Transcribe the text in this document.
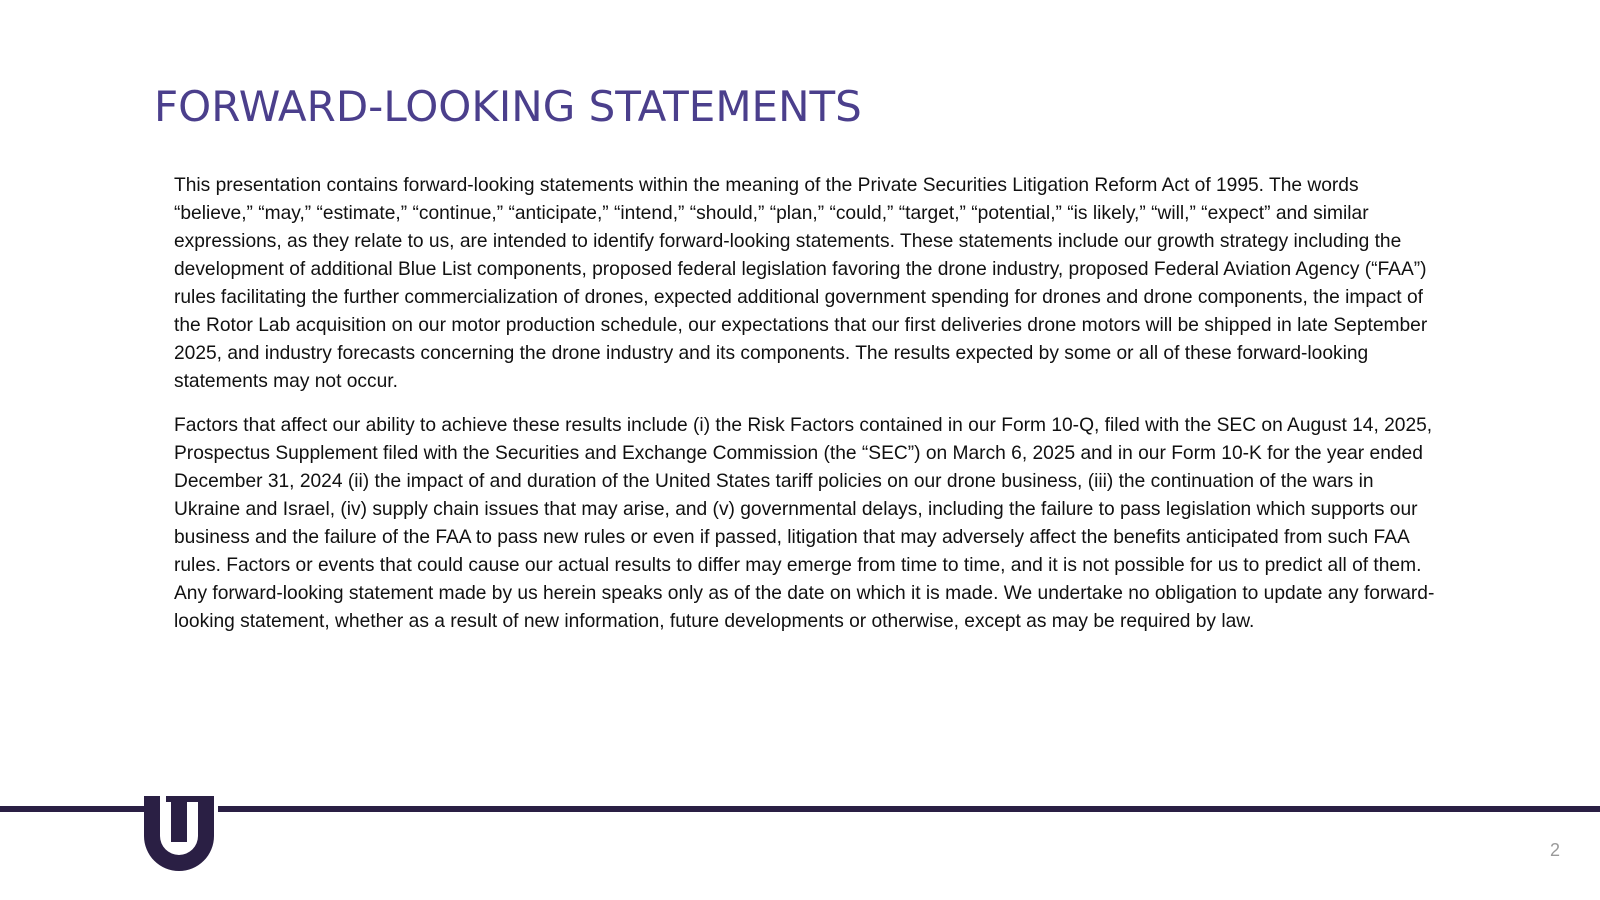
FORWARD-LOOKING STATEMENTS

This presentation contains forward-looking statements within the meaning of the Private Securities Litigation Reform Act of 1995. The words “believe,” “may,” “estimate,” “continue,” “anticipate,” “intend,” “should,” “plan,” “could,” “target,” “potential,” “is likely,” “will,” “expect” and similar expressions, as they relate to us, are intended to identify forward-looking statements. These statements include our growth strategy including the development of additional Blue List components, proposed federal legislation favoring the drone industry, proposed Federal Aviation Agency (“FAA”) rules facilitating the further commercialization of drones, expected additional government spending for drones and drone components, the impact of the Rotor Lab acquisition on our motor production schedule, our expectations that our first deliveries drone motors will be shipped in late September 2025, and industry forecasts concerning the drone industry and its components. The results expected by some or all of these forward-looking statements may not occur.

Factors that affect our ability to achieve these results include (i) the Risk Factors contained in our Form 10-Q, filed with the SEC on August 14, 2025, Prospectus Supplement filed with the Securities and Exchange Commission (the “SEC”) on March 6, 2025 and in our Form 10-K for the year ended December 31, 2024 (ii) the impact of and duration of the United States tariff policies on our drone business, (iii) the continuation of the wars in Ukraine and Israel, (iv) supply chain issues that may arise, and (v) governmental delays, including the failure to pass legislation which supports our business and the failure of the FAA to pass new rules or even if passed, litigation that may adversely affect the benefits anticipated from such FAA rules. Factors or events that could cause our actual results to differ may emerge from time to time, and it is not possible for us to predict all of them. Any forward-looking statement made by us herein speaks only as of the date on which it is made. We undertake no obligation to update any forward-looking statement, whether as a result of new information, future developments or otherwise, except as may be required by law.

2
